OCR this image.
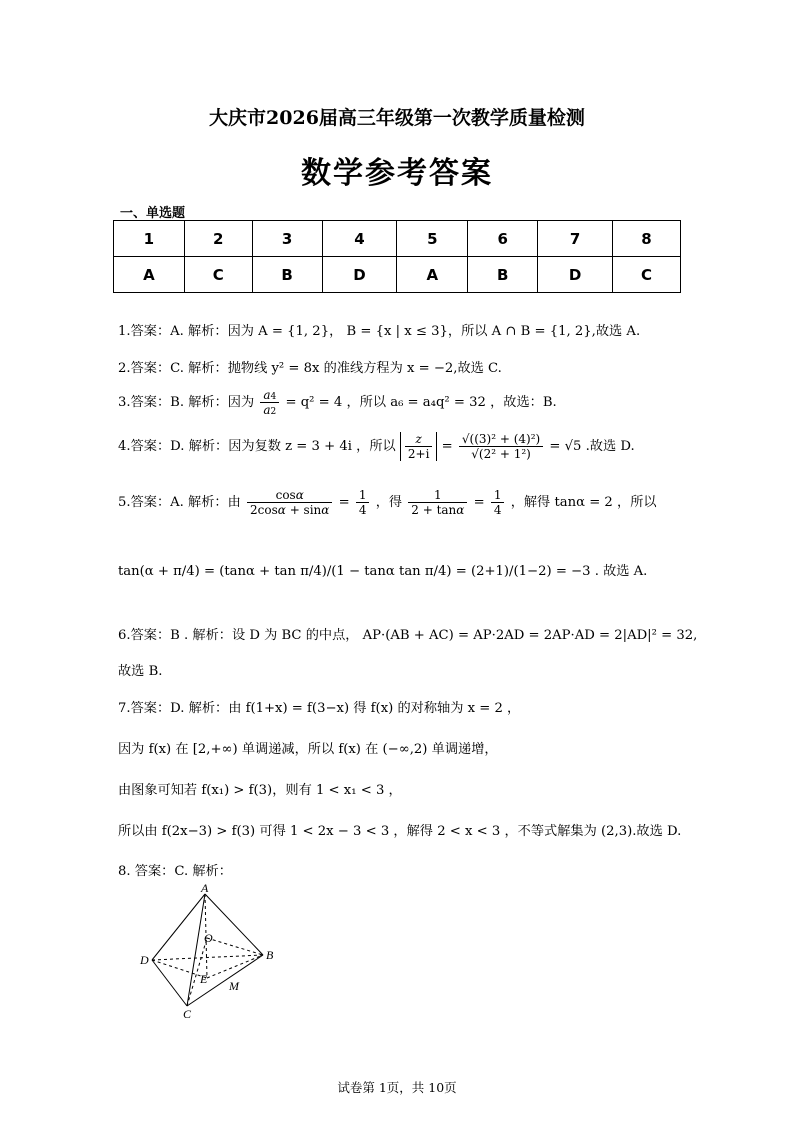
大庆市2026届高三年级第一次教学质量检测
数学参考答案
一、单选题
1	2	3	4	5	6	7	8
A	C	B	D	A	B	D	C
1.答案：A. 解析：因为 A = {1, 2}， B = {x | x ≤ 3}，所以 A ∩ B = {1, 2},故选 A.
2.答案：C. 解析：抛物线 y² = 8x 的准线方程为 x = −2,故选 C.
3.答案：B. 解析：因为 $\frac{a4}{a2} = q^2 = 4$ ，所以 a₆ = a₄q² = 32 ，故选：B.
4.答案：D. 解析：因为复数 z = 3 + 4i ，所以 $\frac{z}{2+i} = \frac{\text{√((3)² + (4)²)}}{\text{√(2² + 1²)}} = √5$ .故选 D.
5.答案：A. 解析：由 $\frac{\cos\alpha}{2\cos\alpha + \sin\alpha} = \frac{1}{4}$ ，得 $\frac{1}{2 + \tan\alpha} = \frac{1}{4}$ ，解得 tanα = 2 ，所以
tan(α + π/4) = (tanα + tan π/4)/(1 − tanα tan π/4) = (2+1)/(1−2) = −3 . 故选 A.
6.答案：B . 解析：设 D 为 BC 的中点， AP·(AB + AC) = AP·2AD = 2AP·AD = 2|AD|² = 32,
故选 B.
7.答案：D. 解析：由 f(1+x) = f(3−x) 得 f(x) 的对称轴为 x = 2 ，
因为 f(x) 在 [2,+∞) 单调递减，所以 f(x) 在 (−∞,2) 单调递增，
由图象可知若 f(x₁) > f(3)，则有 1 < x₁ < 3 ，
所以由 f(2x−3) > f(3) 可得 1 < 2x − 3 < 3 ，解得 2 < x < 3 ，不等式解集为 (2,3).故选 D.
8. 答案：C. 解析：
A
O
D	B
E M
C
试卷第 1页，共 10页
